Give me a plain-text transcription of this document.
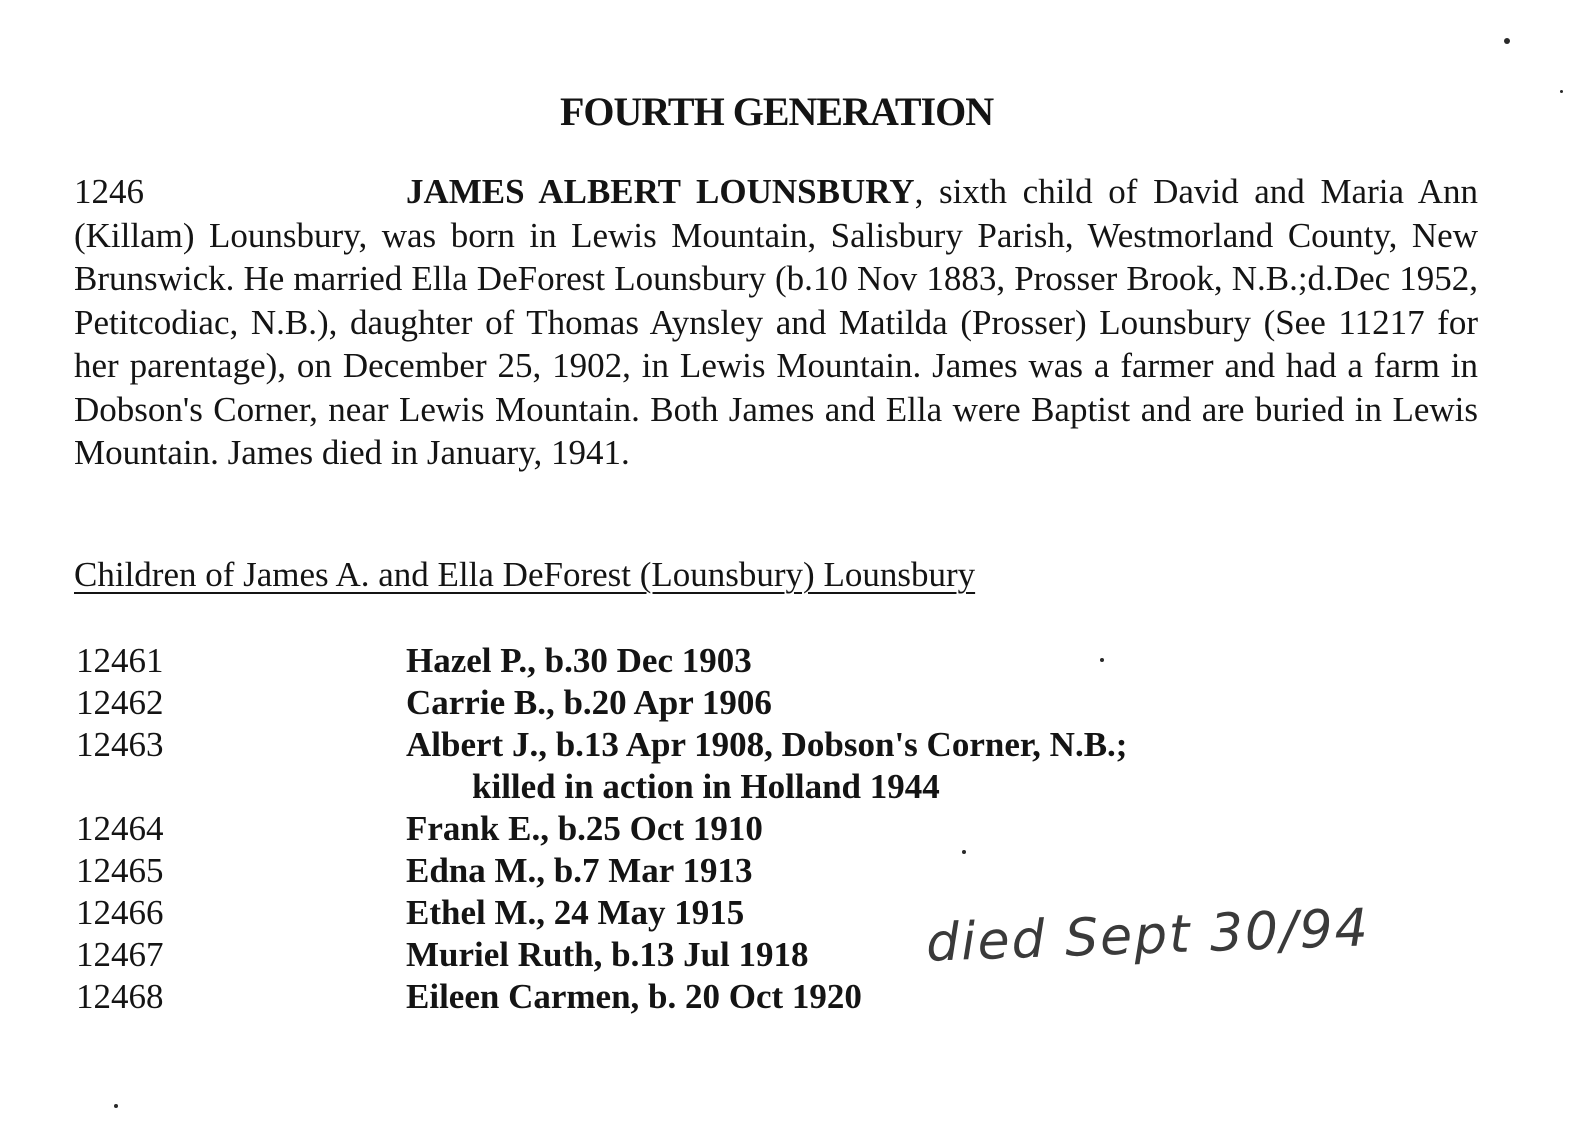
FOURTH GENERATION

1246	JAMES ALBERT LOUNSBURY, sixth child of David and Maria Ann (Killam) Lounsbury, was born in Lewis Mountain, Salisbury Parish, Westmorland County, New Brunswick. He married Ella DeForest Lounsbury (b.10 Nov 1883, Prosser Brook, N.B.;d.Dec 1952, Petitcodiac, N.B.), daughter of Thomas Aynsley and Matilda (Prosser) Lounsbury (See 11217 for her parentage), on December 25, 1902, in Lewis Mountain. James was a farmer and had a farm in Dobson's Corner, near Lewis Mountain. Both James and Ella were Baptist and are buried in Lewis Mountain. James died in January, 1941.

Children of James A. and Ella DeForest (Lounsbury) Lounsbury
12461	Hazel P., b.30 Dec 1903
12462	Carrie B., b.20 Apr 1906
12463	Albert J., b.13 Apr 1908, Dobson's Corner, N.B.;
killed in action in Holland 1944
12464	Frank E., b.25 Oct 1910
12465	Edna M., b.7 Mar 1913
12466	Ethel M., 24 May 1915
12467	Muriel Ruth, b.13 Jul 1918
12468	Eileen Carmen, b. 20 Oct 1920
died Sept 30/94
